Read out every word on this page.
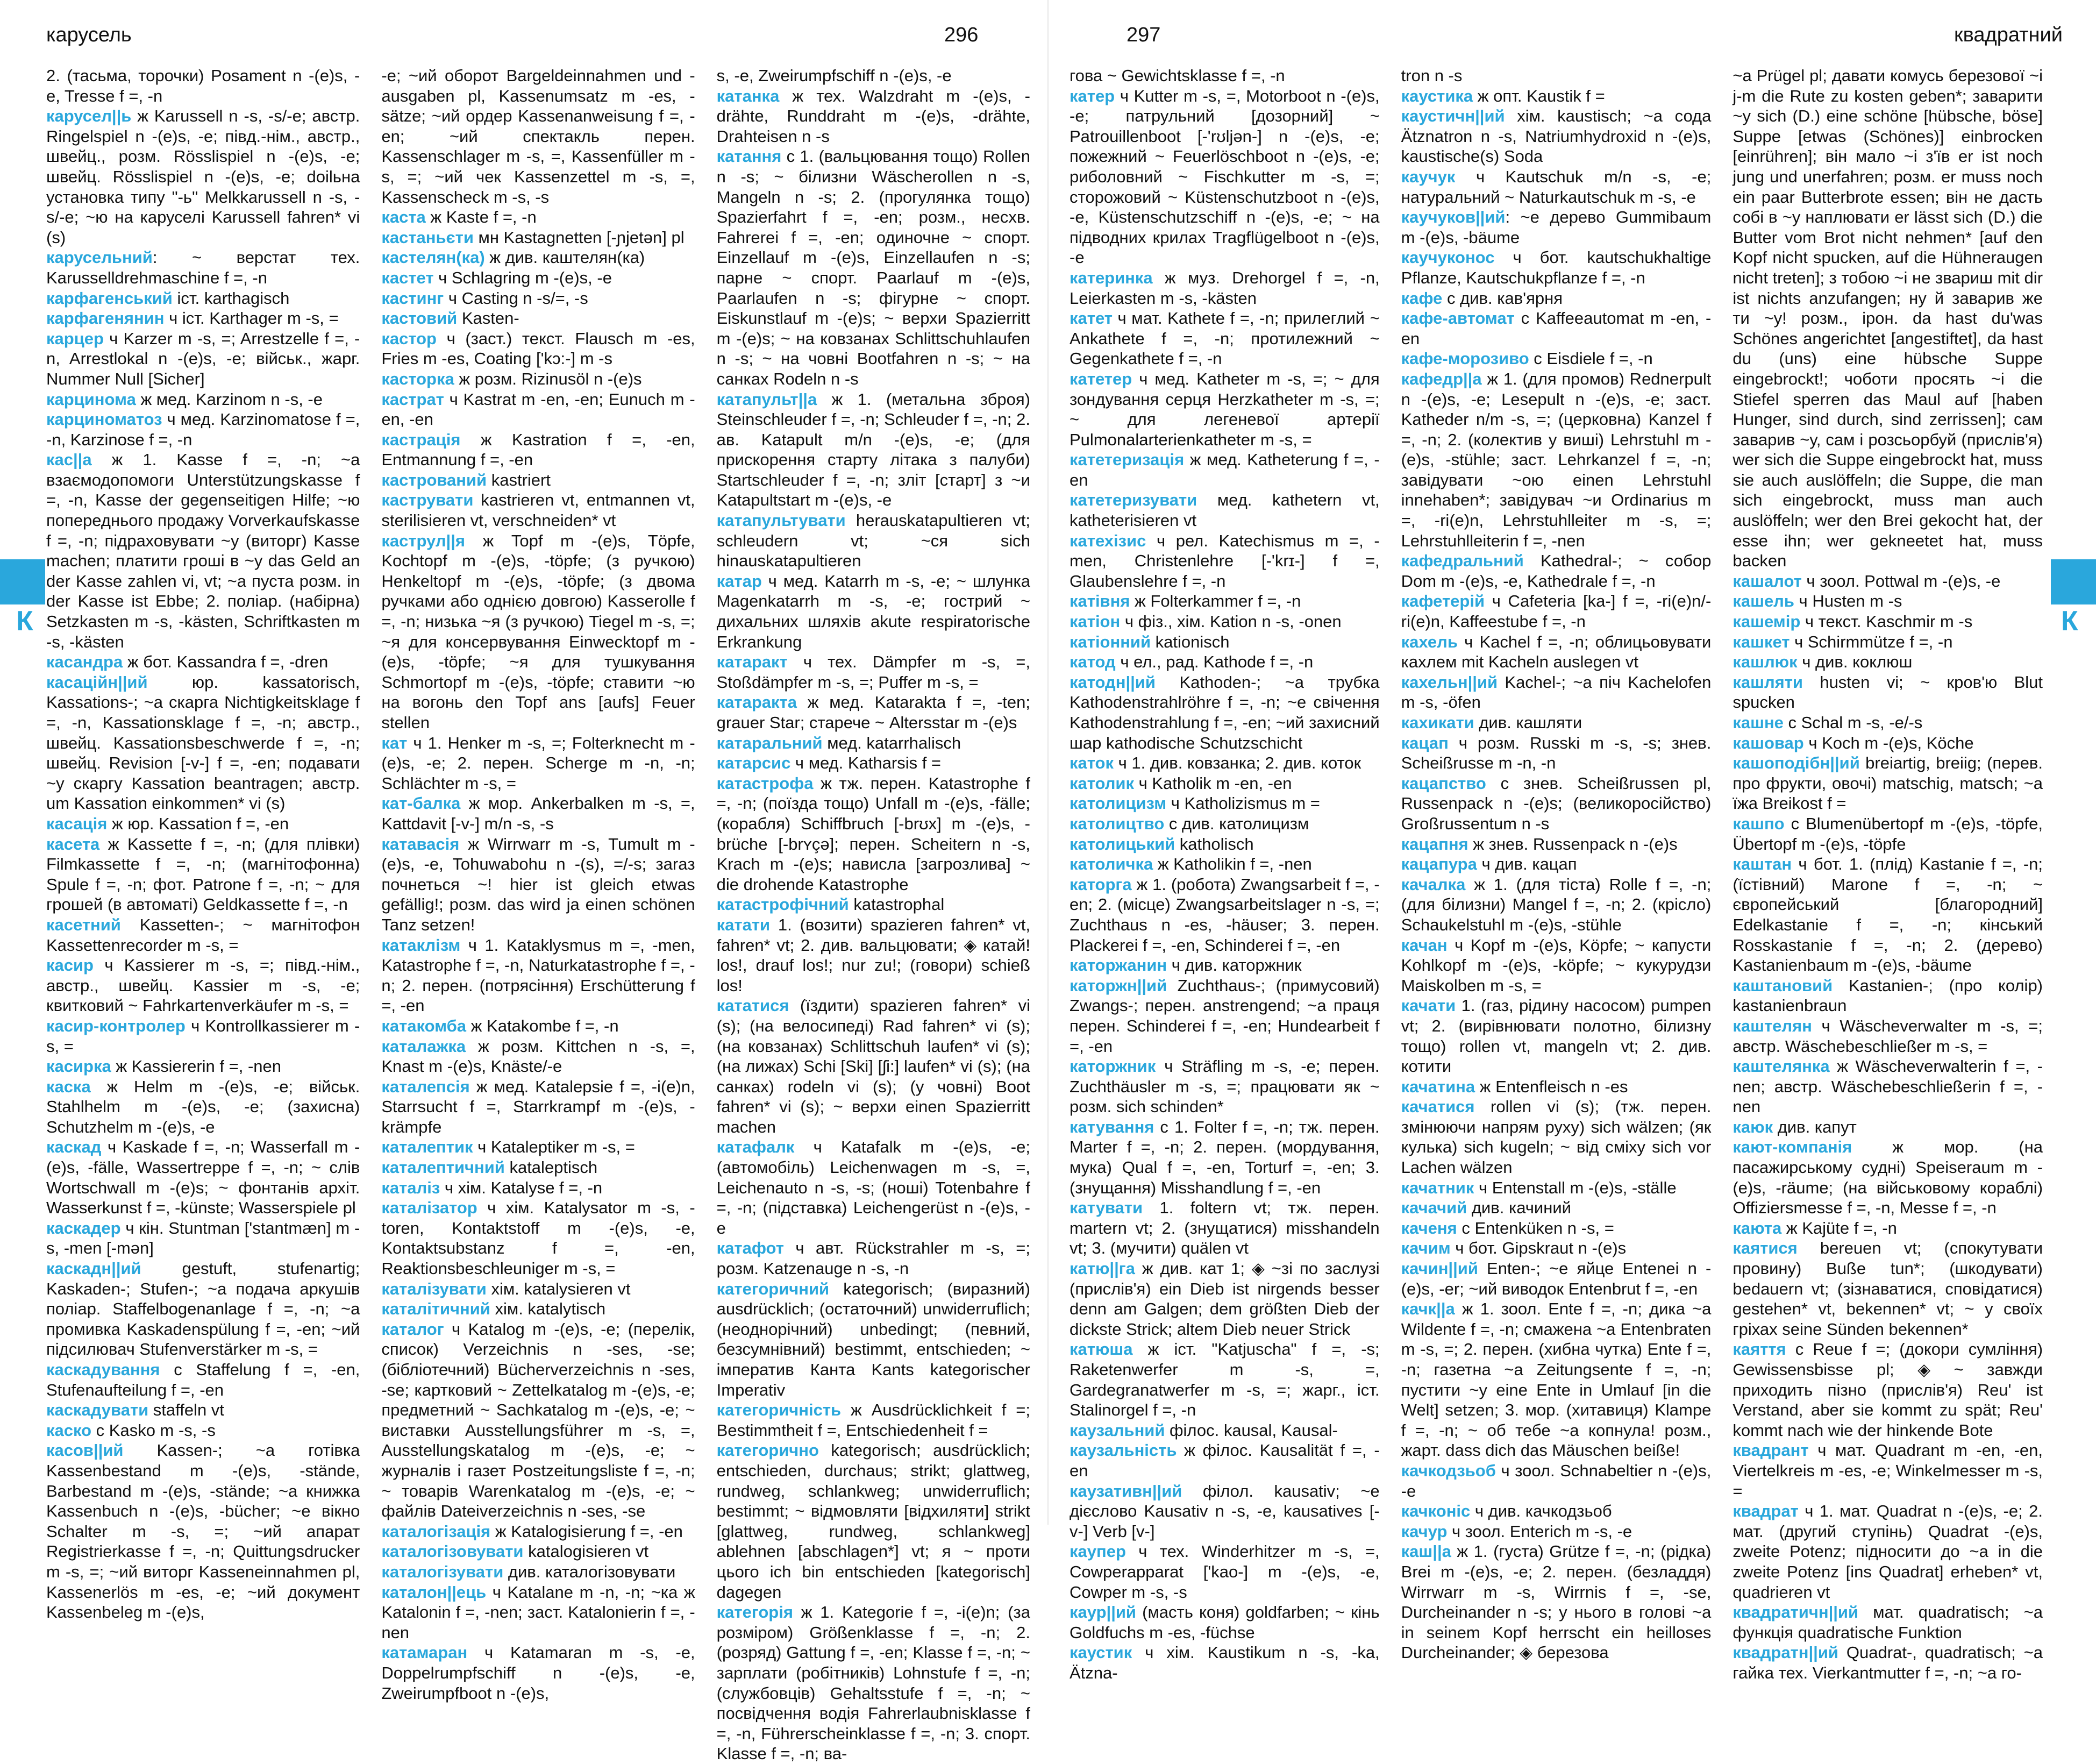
карусель	296
К

2. (тасьма, торочки) Posament n -(e)s, -e, Tresse f =, -n

карусел||ь ж Karussell n -s, -s/-e; австр. Ringelspiel n -(e)s, -e; півд.-нім., австр., швейц., розм. Rösslispiel n -(e)s, -e; швейц. Rösslispiel n -(e)s, -e; doilьна установка типу "-ь" Melkkarussell n -s, -s/-e; ~ю на каруселі Karussell fahren* vi (s)

карусельний: ~ верстат тех. Karusselldrehmaschine f =, -n

карфагенський іст. karthagisch

карфагенянин ч іст. Karthager m -s, =

карцер ч Karzer m -s, =; Arrestzelle f =, -n, Arrestlokal n -(e)s, -e; військ., жарг. Nummer Null [Sicher]

карцинома ж мед. Karzinom n -s, -e

карциноматоз ч мед. Karzinomatose f =, -n, Karzinose f =, -n

кас||а ж 1. Kasse f =, -n; ~а взаємодопомоги Unterstützungskasse f =, -n, Kasse der gegenseitigen Hilfe; ~ю попереднього продажу Vorverkaufskasse f =, -n; підраховувати ~у (виторг) Kasse machen; платити гроші в ~у das Geld an der Kasse zahlen vi, vt; ~а пуста розм. in der Kasse ist Ebbe; 2. поліар. (набірна) Setzkasten m -s, -kästen, Schriftkasten m -s, -kästen

касандра ж бот. Kassandra f =, -dren

касаційн||ий юр. kassatorisch, Kassations-; ~а скарга Nichtigkeitsklage f =, -n, Kassationsklage f =, -n; австр., швейц. Kassationsbeschwerde f =, -n; швейц. Revision [-v-] f =, -en; подавати ~у скаргу Kassation beantragen; австр. um Kassation einkommen* vi (s)

касація ж юр. Kassation f =, -en

касета ж Kassette f =, -n; (для плівки) Filmkassette f =, -n; (магнітофонна) Spule f =, -n; фот. Patrone f =, -n; ~ для грошей (в автоматі) Geldkassette f =, -n

касетний Kassetten-; ~ магнітофон Kassettenrecorder m -s, =

касир ч Kassierer m -s, =; півд.-нім., австр., швейц. Kassier m -s, -e; квитковий ~ Fahrkartenverkäufer m -s, =

касир-контролер ч Kontrollkassierer m -s, =

касирка ж Kassiererin f =, -nen

каска ж Helm m -(e)s, -e; військ. Stahlhelm m -(e)s, -e; (захисна) Schutzhelm m -(e)s, -e

каскад ч Kaskade f =, -n; Wasserfall m -(e)s, -fälle, Wassertreppe f =, -n; ~ слів Wortschwall m -(e)s; ~ фонтанів архіт. Wasserkunst f =, -künste; Wasserspiele pl

каскадер ч кін. Stuntman ['stantmæn] m -s, -men [-mən]

каскадн||ий gestuft, stufenartig; Kaskaden-; Stufen-; ~а подача аркушів поліар. Staffelbogenanlage f =, -n; ~а промивка Kaskadenspülung f =, -en; ~ий підсилювач Stufenverstärker m -s, =

каскадування с Staffelung f =, -en, Stufenaufteilung f =, -en

каскадувати staffeln vt

каско с Kasko m -s, -s

касов||ий Kassen-; ~а готівка Kassenbestand m -(e)s, -stände, Barbestand m -(e)s, -stände; ~а книжка Kassenbuch n -(e)s, -bücher; ~е вікно Schalter m -s, =; ~ий апарат Registrierkasse f =, -n; Quittungsdrucker m -s, =; ~ий виторг Kasseneinnahmen pl, Kassenerlös m -es, -e; ~ий документ Kassenbeleg m -(e)s,

-e; ~ий оборот Bargeldeinnahmen und -ausgaben pl, Kassenumsatz m -es, -sätze; ~ий ордер Kassenanweisung f =, -en; ~ий спектакль перен. Kassenschlager m -s, =, Kassenfüller m -s, =; ~ий чек Kassenzettel m -s, =, Kassenscheck m -s, -s

каста ж Kaste f =, -n

кастаньєти мн Kastagnetten [-ɲjetən] pl

кастелян(ка) ж див. каштелян(ка)

кастет ч Schlagring m -(e)s, -e

кастинг ч Casting n -s/=, -s

кастовий Kasten-

кастор ч (заст.) текст. Flausch m -es, Fries m -es, Coating ['kɔ:-] m -s

касторка ж розм. Rizinusöl n -(e)s

кастрат ч Kastrat m -en, -en; Eunuch m -en, -en

кастрація ж Kastration f =, -en, Entmannung f =, -en

кастрований kastriert

каструвати kastrieren vt, entmannen vt, sterilisieren vt, verschneiden* vt

каструл||я ж Topf m -(e)s, Töpfe, Kochtopf m -(e)s, -töpfe; (з ручкою) Henkeltopf m -(e)s, -töpfe; (з двома ручками або однією довгою) Kasserolle f =, -n; низька ~я (з ручкою) Tiegel m -s, =; ~я для консервування Einwecktopf m -(e)s, -töpfe; ~я для тушкування Schmortopf m -(e)s, -töpfe; ставити ~ю на вогонь den Topf ans [aufs] Feuer stellen

кат ч 1. Henker m -s, =; Folterknecht m -(e)s, -e; 2. перен. Scherge m -n, -n; Schlächter m -s, =

кат-балка ж мор. Ankerbalken m -s, =, Kattdavit [-v-] m/n -s, -s

катавасія ж Wirrwarr m -s, Tumult m -(e)s, -e, Tohuwabohu n -(s), =/-s; заraз почнеться ~! hier ist gleich etwas gefällig!; розм. das wird ja einen schönen Tanz setzen!

катаклізм ч 1. Kataklysmus m =, -men, Katastrophe f =, -n, Naturkatastrophe f =, -n; 2. перен. (потрясіння) Erschütterung f =, -en

катакомба ж Katakombe f =, -n

каталажка ж розм. Kittchen n -s, =, Knast m -(e)s, Knäste/-e

каталепсія ж мед. Katalepsie f =, -i(e)n, Starrsucht f =, Starrkrampf m -(e)s, -krämpfe

каталептик ч Kataleptiker m -s, =

каталептичний kataleptisch

каталіз ч хім. Katalyse f =, -n

каталізатор ч хім. Katalysator m -s, -toren, Kontaktstoff m -(e)s, -e, Kontaktsubstanz f =, -en, Reaktionsbeschleuniger m -s, =

каталізувати хім. katalysieren vt

каталітичний хім. katalytisch

каталог ч Katalog m -(e)s, -e; (перелік, список) Verzeichnis n -ses, -se; (бібліотечний) Bücherverzeichnis n -ses, -se; картковий ~ Zettelkatalog m -(e)s, -e; предметний ~ Sachkatalog m -(e)s, -e; ~ виставки Ausstellungsführer m -s, =, Ausstellungskatalog m -(e)s, -e; ~ журналів і газет Postzeitungsliste f =, -n; ~ товарів Warenkatalog m -(e)s, -e; ~ файлів Dateiverzeichnis n -ses, -se

каталогізація ж Katalogisierung f =, -en

каталогізовувати katalogisieren vt

каталогізувати див. каталогізовувати

каталон||ець ч Katalane m -n, -n; ~ка ж Katalonin f =, -nen; заст. Katalonierin f =, -nen

катамаран ч Katamaran m -s, -e, Doppelrumpfschiff n -(e)s, -e, Zweirumpfboot n -(e)s,

s, -e, Zweirumpfschiff n -(e)s, -e

катанка ж тех. Walzdraht m -(e)s, -drähte, Runddraht m -(e)s, -drähte, Drahteisen n -s

катання с 1. (вальцювання тощо) Rollen n -s; ~ білизни Wäscherollen n -s, Mangeln n -s; 2. (прогулянка тощо) Spazierfahrt f =, -en; розм., несхв. Fahrerei f =, -en; одиночне ~ спорт. Einzellauf m -(e)s, Einzellaufen n -s; парне ~ спорт. Paarlauf m -(e)s, Paarlaufen n -s; фігурне ~ спорт. Eiskunstlauf m -(e)s; ~ верхи Spazierritt m -(e)s; ~ на ковзанах Schlittschuhlaufen n -s; ~ на човні Bootfahren n -s; ~ на санках Rodeln n -s

катапульт||а ж 1. (метальна зброя) Steinschleuder f =, -n; Schleuder f =, -n; 2. ав. Katapult m/n -(e)s, -e; (для прискорення старту літака з палуби) Startschleuder f =, -n; зліт [старт] з ~и Katapultstart m -(e)s, -e

катапультувати herauskatapultieren vt; schleudern vt; ~ся sich hinauskatapultieren

катар ч мед. Katarrh m -s, -e; ~ шлунка Magenkatarrh m -s, -e; гострий ~ дихальних шляхів akute respiratorische Erkrankung

катаракт ч тех. Dämpfer m -s, =, Stoßdämpfer m -s, =; Puffer m -s, =

катаракта ж мед. Katarakta f =, -ten; grauer Star; старече ~ Altersstar m -(e)s

катаральний мед. katarrhalisch

катарсис ч мед. Katharsis f =

катастрофа ж тж. перен. Katastrophe f =, -n; (поїзда тощо) Unfall m -(e)s, -fälle; (корабля) Schiffbruch [-brʊx] m -(e)s, -brüche [-brʏçə]; перен. Scheitern n -s, Krach m -(e)s; нависла [загрозлива] ~ die drohende Katastrophe

катастрофічний katastrophal

катати 1. (возити) spazieren fahren* vt, fahren* vt; 2. див. вальцювати; ◈ катай! los!, drauf los!; nur zu!; (говори) schieß los!

кататися (їздити) spazieren fahren* vi (s); (на велосипеді) Rad fahren* vi (s); (на ковзанах) Schlittschuh laufen* vi (s); (на лижах) Schi [Ski] [ʃi:] laufen* vi (s); (на санках) rodeln vi (s); (у човні) Boot fahren* vi (s); ~ верхи einen Spazierritt machen

катафалк ч Katafalk m -(e)s, -e; (автомобіль) Leichenwagen m -s, =, Leichenauto n -s, -s; (ноші) Totenbahre f =, -n; (підставка) Leichengerüst n -(e)s, -e

катафот ч авт. Rückstrahler m -s, =; розм. Katzenauge n -s, -n

категоричний kategorisch; (виразний) ausdrücklich; (остаточний) unwiderruflich; (неоднорічний) unbedingt; (певний, безсумнівний) bestimmt, entschieden; ~ імператив Канта Kants kategorischer Imperativ

категоричність ж Ausdrücklichkeit f =; Bestimmtheit f =, Entschiedenheit f =

категорично kategorisch; ausdrücklich; entschieden, durchaus; strikt; glattweg, rundweg, schlankweg; unwiderruflich; bestimmt; ~ відмовляти [відхиляти] strikt [glattweg, rundweg, schlankweg] ablehnen [abschlagen*] vt; я ~ проти цього ich bin entschieden [kategorisch] dagegen

категорія ж 1. Kategorie f =, -i(e)n; (за розміром) Größenklasse f =, -n; 2. (розряд) Gattung f =, -en; Klasse f =, -n; ~ зарплати (робітників) Lohnstufe f =, -n; (службовців) Gehaltsstufe f =, -n; ~ посвідчення водія Fahrerlaubnisklasse f =, -n, Führerscheinklasse f =, -n; 3. спорт. Klasse f =, -n; ва-

297	квадратний
К

гова ~ Gewichtsklasse f =, -n

катер ч Kutter m -s, =, Motorboot n -(e)s, -e; патрульний [дозорний] ~ Patrouillenboot [-'rʊljən-] n -(e)s, -e; пожежний ~ Feuerlöschboot n -(e)s, -e; риболовний ~ Fischkutter m -s, =; сторожовий ~ Küstenschutzboot n -(e)s, -e, Küstenschutzschiff n -(e)s, -e; ~ на підводних крилах Tragflügelboot n -(e)s, -e

катеринка ж муз. Drehorgel f =, -n, Leierkasten m -s, -kästen

катет ч мат. Kathete f =, -n; прилеглий ~ Ankathete f =, -n; протилежний ~ Gegenkathete f =, -n

катетер ч мед. Katheter m -s, =; ~ для зондування серця Herzkatheter m -s, =; ~ для легеневої артерії Pulmonalarterienkatheter m -s, =

катетеризація ж мед. Katheterung f =, -en

катетеризувати мед. kathetern vt, katheterisieren vt

катехізис ч рел. Katechismus m =, -men, Christenlehre [-'krɪ-] f =, Glaubenslehre f =, -n

катівня ж Folterkammer f =, -n

катіон ч фіз., хім. Kation n -s, -onen

катіонний kationisch

катод ч ел., рад. Kathode f =, -n

катодн||ий Kathoden-; ~а трубка Kathodenstrahlröhre f =, -n; ~е свічення Kathodenstrahlung f =, -en; ~ий захисний шар kathodische Schutzschicht

каток ч 1. див. ковзанка; 2. див. коток

католик ч Katholik m -en, -en

католицизм ч Katholizismus m =

католицтво с див. католицизм

католицький katholisch

католичка ж Katholikin f =, -nen

каторга ж 1. (робота) Zwangsarbeit f =, -en; 2. (місце) Zwangsarbeitslager n -s, =; Zuchthaus n -es, -häuser; 3. перен. Plackerei f =, -en, Schinderei f =, -en

каторжанин ч див. каторжник

каторжн||ий Zuchthaus-; (примусовий) Zwangs-; перен. anstrengend; ~а праця перен. Schinderei f =, -en; Hundearbeit f =, -en

каторжник ч Sträfling m -s, -e; перен. Zuchthäusler m -s, =; працювати як ~ розм. sich schinden*

катування с 1. Folter f =, -n; тж. перен. Marter f =, -n; 2. перен. (мордування, мука) Qual f =, -en, Torturf =, -en; 3. (знущання) Misshandlung f =, -en

катувати 1. foltern vt; тж. перен. martern vt; 2. (знущатися) misshandeln vt; 3. (мучити) quälen vt

катю||га ж див. кат 1; ◈ ~зі по заслузі (прислів'я) ein Dieb ist nirgends besser denn am Galgen; dem größten Dieb der dickste Strick; altem Dieb neuer Strick

катюша ж іст. "Katjuscha" f =, -s; Raketenwerfer m -s, =, Gardegranatwerfer m -s, =; жарг., іст. Stalinorgel f =, -n

каузальний філос. kausal, Kausal-

каузальність ж філос. Kausalität f =, -en

каузативн||ий філол. kausativ; ~е дієслово Kausativ n -s, -e, kausatives [-v-] Verb [v-]

каупер ч тех. Winderhitzer m -s, =, Cowperapparat ['kao-] m -(e)s, -e, Cowper m -s, -s

каур||ий (масть коня) goldfarben; ~ кінь Goldfuchs m -es, -füchse

каустик ч хім. Kaustikum n -s, -ka, Ätzna-

tron n -s

каустика ж опт. Kaustik f =

каустичн||ий хім. kaustisch; ~а сода Ätznatron n -s, Natriumhydroxid n -(e)s, kaustische(s) Soda

каучук ч Kautschuk m/n -s, -e; натуральний ~ Naturkautschuk m -s, -e

каучуков||ий: ~е дерево Gummibaum m -(e)s, -bäume

каучуконос ч бот. kautschukhaltige Pflanze, Kautschukpflanze f =, -n

кафе с див. кав'ярня

кафе-автомат с Kaffeeautomat m -en, -en

кафе-морозиво с Eisdiele f =, -n

кафедр||а ж 1. (для промов) Rednerpult n -(e)s, -e; Lesepult n -(e)s, -e; заст. Katheder n/m -s, =; (церковна) Kanzel f =, -n; 2. (колектив у виші) Lehrstuhl m -(e)s, -stühle; заст. Lehrkanzel f =, -n; завідувати ~ою einen Lehrstuhl innehaben*; завідувач ~и Ordinarius m =, -ri(e)n, Lehrstuhlleiter m -s, =; Lehrstuhlleiterin f =, -nen

кафедральний Kathedral-; ~ собор Dom m -(e)s, -e, Kathedrale f =, -n

кафетерій ч Cafeteria [ka-] f =, -ri(e)n/-ri(e)n, Kaffeestube f =, -n

кахель ч Kachel f =, -n; облицьовувати кахлем mit Kacheln auslegen vt

кахельн||ий Kachel-; ~а піч Kachelofen m -s, -öfen

кахикати див. кашляти

кацап ч розм. Russki m -s, -s; знев. Scheißrusse m -n, -n

кацапство с знев. Scheißrussen pl, Russenpack n -(e)s; (великоросійство) Großrussentum n -s

кацапня ж знев. Russenpack n -(e)s

кацапура ч див. кацап

качалка ж 1. (для тіста) Rolle f =, -n; (для білизни) Mangel f =, -n; 2. (крісло) Schaukelstuhl m -(e)s, -stühle

качан ч Kopf m -(e)s, Köpfe; ~ капусти Kohlkopf m -(e)s, -köpfe; ~ кукурудзи Maiskolben m -s, =

качати 1. (газ, рідину насосом) pumpen vt; 2. (вирівнювати полотно, білизну тощо) rollen vt, mangeln vt; 2. див. котити

качатина ж Entenfleisch n -es

качатися rollen vi (s); (тж. перен. змінюючи напрям руху) sich wälzen; (як кулька) sich kugeln; ~ від сміху sich vor Lachen wälzen

качатник ч Entenstall m -(e)s, -ställe

качачий див. качиний

каченя с Entenküken n -s, =

качим ч бот. Gipskraut n -(e)s

качин||ий Enten-; ~е яйце Entenei n -(e)s, -er; ~ий виводок Entenbrut f =, -en

качк||а ж 1. зоол. Ente f =, -n; дика ~а Wildente f =, -n; смажена ~а Entenbraten m -s, =; 2. перен. (хибна чутка) Ente f =, -n; газетна ~а Zeitungsente f =, -n; пустити ~у eine Ente in Umlauf [in die Welt] setzen; 3. мор. (хитавиця) Klampe f =, -n; ~ об тебе ~а копнула! розм., жарт. dass dich das Mäuschen beiße!

качкодзьоб ч зоол. Schnabeltier n -(e)s, -e

качконіс ч див. качкодзьоб

качур ч зоол. Enterich m -s, -e

каш||а ж 1. (густа) Grütze f =, -n; (рідка) Brei m -(e)s, -e; 2. перен. (безладдя) Wirrwarr m -s, Wirrnis f =, -se, Durcheinander n -s; у нього в голові ~а in seinem Kopf herrscht ein heilloses Durcheinander; ◈ березова

~а Prügel pl; давати комусь березової ~і j-m die Rute zu kosten geben*; заварити ~у sich (D.) eine schöne [hübsche, böse] Suppe [etwas (Schönes)] einbrocken [einrühren]; він мало ~і з'їв er ist noch jung und unerfahren; розм. er muss noch ein paar Butterbrote essen; він не дасть собі в ~у наплювати er lässt sich (D.) die Butter vom Brot nicht nehmen* [auf den Kopf nicht spucken, auf die Hühneraugen nicht treten]; з тобою ~і не звариш mit dir ist nichts anzufangen; ну й заварив же ти ~у! розм., ірон. da hast du'was Schönes angerichtet [angestiftet], da hast du (uns) eine hübsche Suppe eingebrockt!; чоботи просять ~і die Stiefel sperren das Maul auf [haben Hunger, sind durch, sind zerrissen]; сам заварив ~у, сам і розсьорбуй (прислів'я) wer sich die Suppe eingebrockt hat, muss sie auch auslöffeln; die Suppe, die man sich eingebrockt, muss man auch auslöffeln; wer den Brei gekocht hat, der esse ihn; wer gekneetet hat, muss backen

кашалот ч зоол. Pottwal m -(e)s, -e

кашель ч Husten m -s

кашемір ч текст. Kaschmir m -s

кашкет ч Schirmmütze f =, -n

кашлюк ч див. коклюш

кашляти husten vi; ~ кров'ю Blut spucken

кашне с Schal m -s, -e/-s

кашовар ч Koch m -(e)s, Köche

кашоподібн||ий breiartig, breiig; (перев. про фрукти, овочі) matschig, matsch; ~а їжа Breikost f =

кашпо с Blumenübertopf m -(e)s, -töpfe, Übertopf m -(e)s, -töpfe

каштан ч бот. 1. (плід) Kastanie f =, -n; (їстівний) Marone f =, -n; ~ європейський [благородний] Edelkastanie f =, -n; кінський Rosskastanie f =, -n; 2. (дерево) Kastanienbaum m -(e)s, -bäume

каштановий Kastanien-; (про колір) kastanienbraun

каштелян ч Wäscheverwalter m -s, =; австр. Wäschebeschließer m -s, =

каштелянка ж Wäscheverwalterin f =, -nen; австр. Wäschebeschließerin f =, -nen

каюк див. капут

кают-компанія ж мор. (на пасажирському судні) Speiseraum m -(e)s, -räume; (на військовому кораблі) Offiziersmesse f =, -n, Messe f =, -n

каюта ж Kajüte f =, -n

каятися bereuen vt; (спокутувати провину) Buße tun*; (шкодувати) bedauern vt; (зізнаватися, сповідатися) gestehen* vt, bekennen* vt; ~ у своїх гріхах seine Sünden bekennen*

каяття с Reue f =; (докори сумління) Gewissensbisse pl; ◈ ~ завжди приходить пізно (прислів'я) Reu' ist Verstand, aber sie kommt zu spät; Reu' kommt nach wie der hinkende Bote

квадрант ч мат. Quadrant m -en, -en, Viertelkreis m -es, -e; Winkelmesser m -s, =

квадрат ч 1. мат. Quadrat n -(e)s, -e; 2. мат. (другий ступінь) Quadrat -(e)s, zweite Potenz; підносити до ~а in die zweite Potenz [ins Quadrat] erheben* vt, quadrieren vt

квадратичн||ий мат. quadratisch; ~а функція quadratische Funktion

квадратн||ий Quadrat-, quadratisch; ~а гайка тех. Vierkantmutter f =, -n; ~а го-
